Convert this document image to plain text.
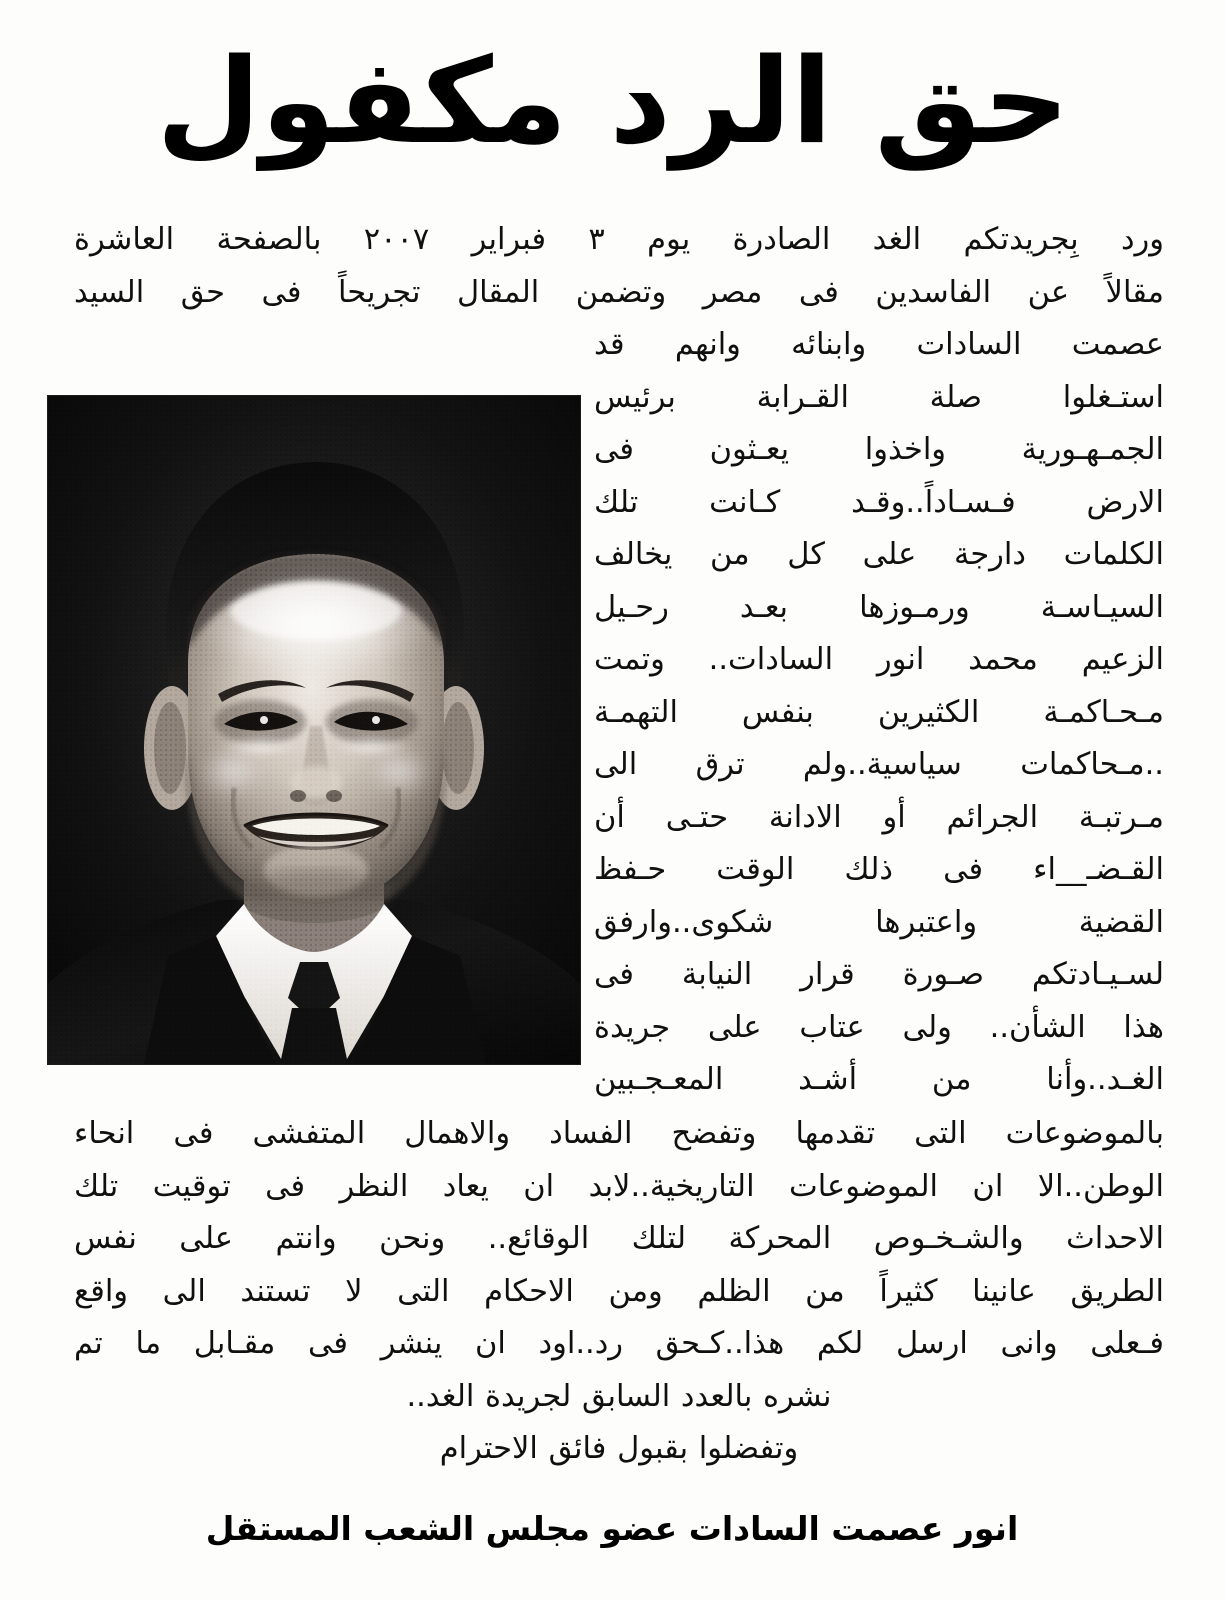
حق الرد مكفول
ورد بِجريدتكم الغد الصادرة يوم ٣ فبراير ٢٠٠٧ بالصفحة العاشرة
مقالاً عن الفاسدين فى مصر وتضمن المقال تجريحاً فى حق السيد
عصمت السادات وابنائه وانهم قد
استـغلوا صلة القـرابة برئيس
الجمـهـورية واخذوا يعـثون فى
الارض فـسـاداً..وقـد كـانت تلك
الكلمات دارجة على كل من يخالف
السيـاسـة ورمـوزها بعـد رحـيل
الزعيم محمد انور السادات.. وتمت
مـحـاكمـة الكثيرين بنفس التهمـة
..مـحاكمات سياسية..ولم ترق الى
مـرتبـة الجرائم أو الادانة حتـى أن
القـضـ__اء فى ذلك الوقت حـفظ
القضية واعتبرها شكوى..وارفق
لسـيـادتكم صـورة قرار النيابة فى
هذا الشأن.. ولى عتاب على جريدة
الغـد..وأنا من أشـد المعـجـبين
بالموضوعات التى تقدمها وتفضح الفساد والاهمال المتفشى فى انحاء
الوطن..الا ان الموضوعات التاريخية..لابد ان يعاد النظر فى توقيت تلك
الاحداث والشـخـوص المحركة لتلك الوقائع.. ونحن وانتم على نفس
الطريق عانينا كثيراً من الظلم ومن الاحكام التى لا تستند الى واقع
فـعلى وانى ارسل لكم هذا..كـحق رد..اود ان ينشر فى مقـابل ما تم
نشره بالعدد السابق لجريدة الغد..
وتفضلوا بقبول فائق الاحترام
انور عصمت السادات عضو مجلس الشعب المستقل
